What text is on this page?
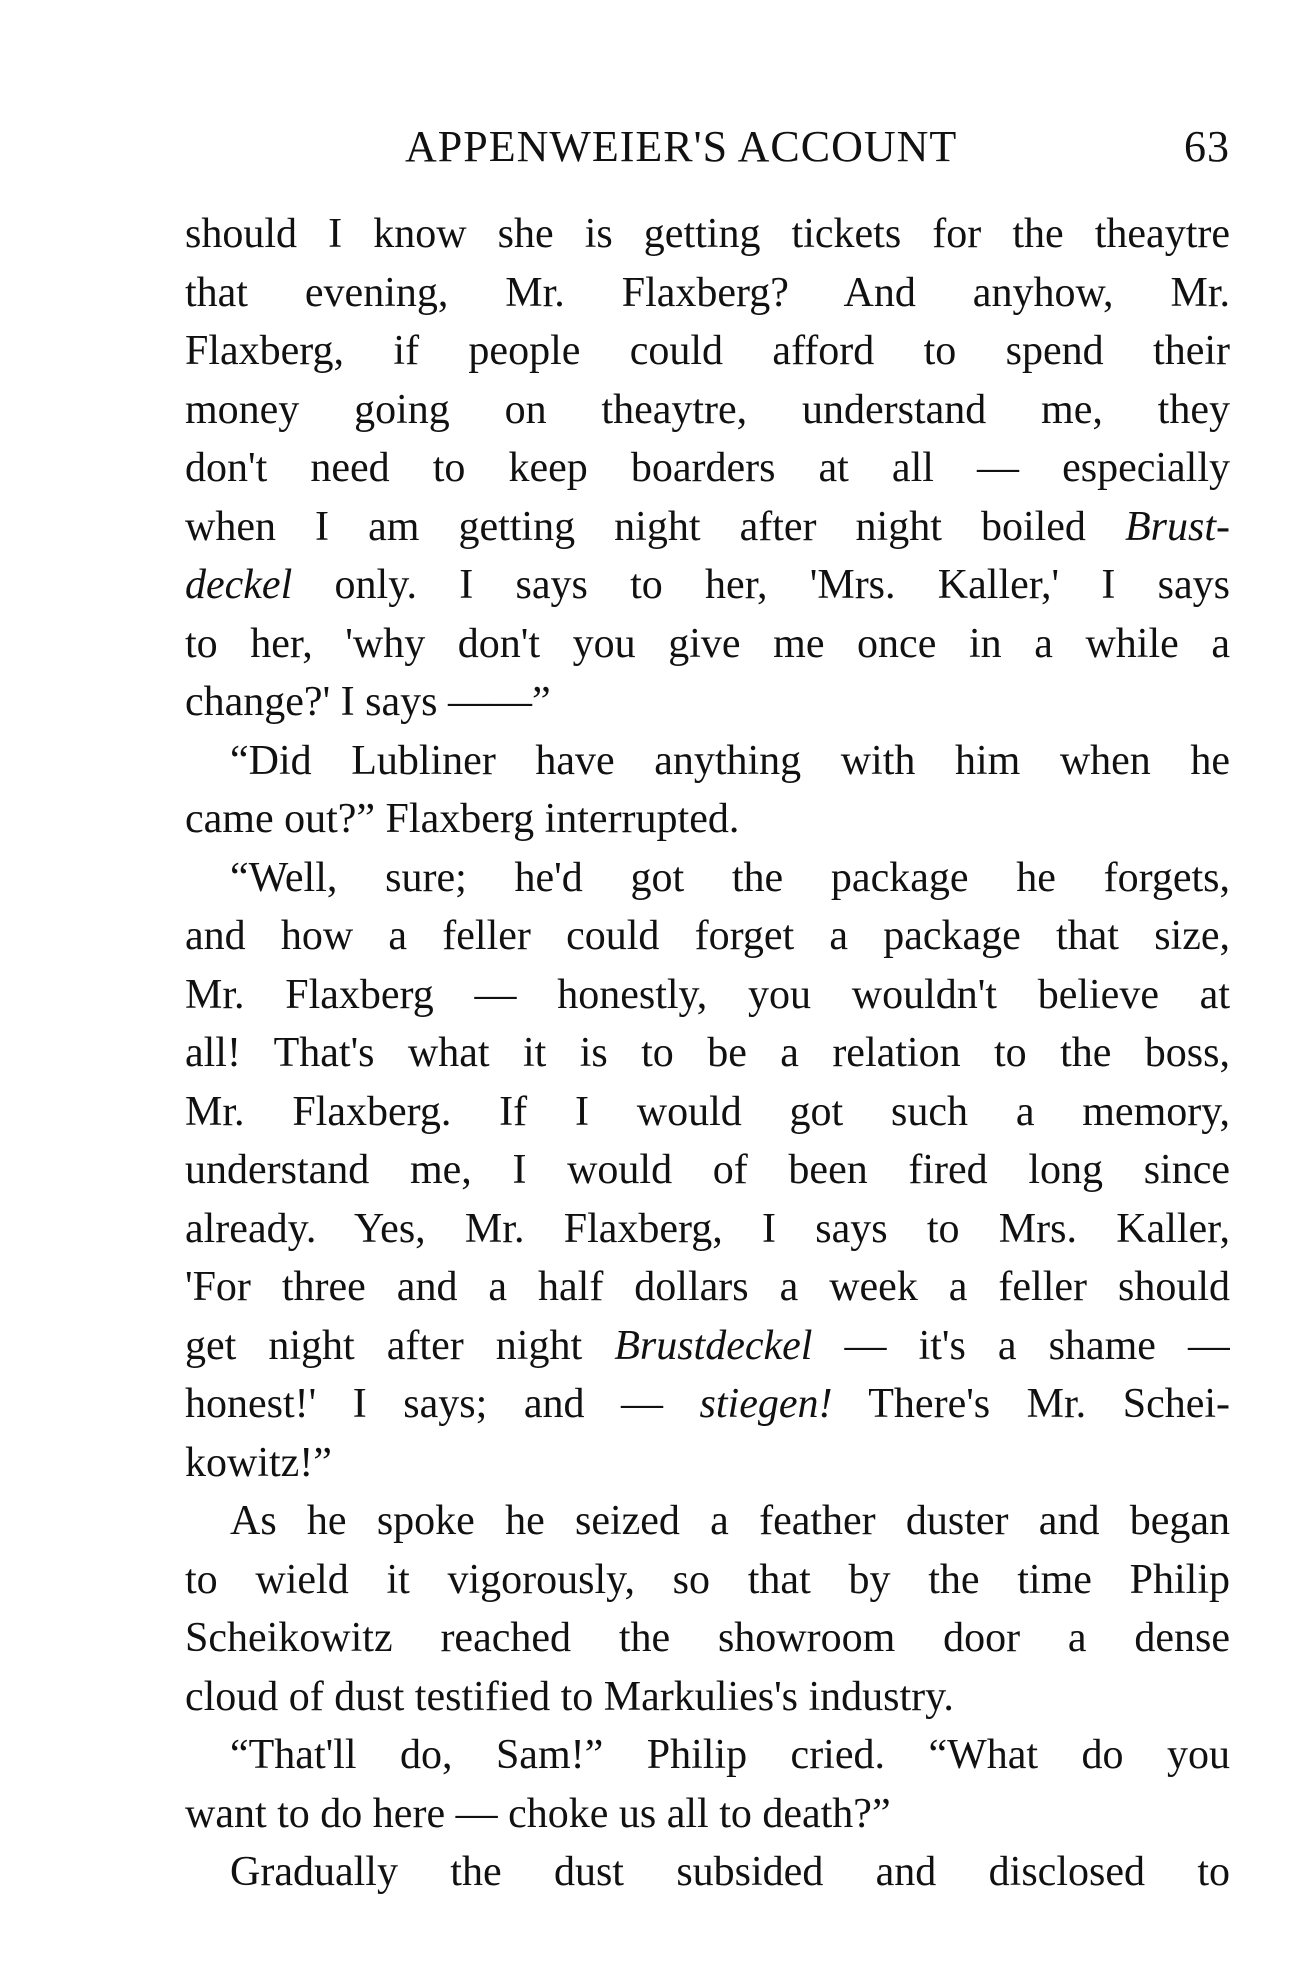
APPENWEIER'S ACCOUNT	63
should I know she is getting tickets for the theaytre
that evening, Mr. Flaxberg? And anyhow, Mr.
Flaxberg, if people could afford to spend their
money going on theaytre, understand me, they
don't need to keep boarders at all — especially
when I am getting night after night boiled Brust-
deckel only. I says to her, 'Mrs. Kaller,' I says
to her, 'why don't you give me once in a while a
change?' I says ——”
“Did Lubliner have anything with him when he
came out?” Flaxberg interrupted.
“Well, sure; he'd got the package he forgets,
and how a feller could forget a package that size,
Mr. Flaxberg — honestly, you wouldn't believe at
all! That's what it is to be a relation to the boss,
Mr. Flaxberg. If I would got such a memory,
understand me, I would of been fired long since
already. Yes, Mr. Flaxberg, I says to Mrs. Kaller,
'For three and a half dollars a week a feller should
get night after night Brustdeckel — it's a shame —
honest!' I says; and — stiegen! There's Mr. Schei-
kowitz!”
As he spoke he seized a feather duster and began
to wield it vigorously, so that by the time Philip
Scheikowitz reached the showroom door a dense
cloud of dust testified to Markulies's industry.
“That'll do, Sam!” Philip cried. “What do you
want to do here — choke us all to death?”
Gradually the dust subsided and disclosed to
